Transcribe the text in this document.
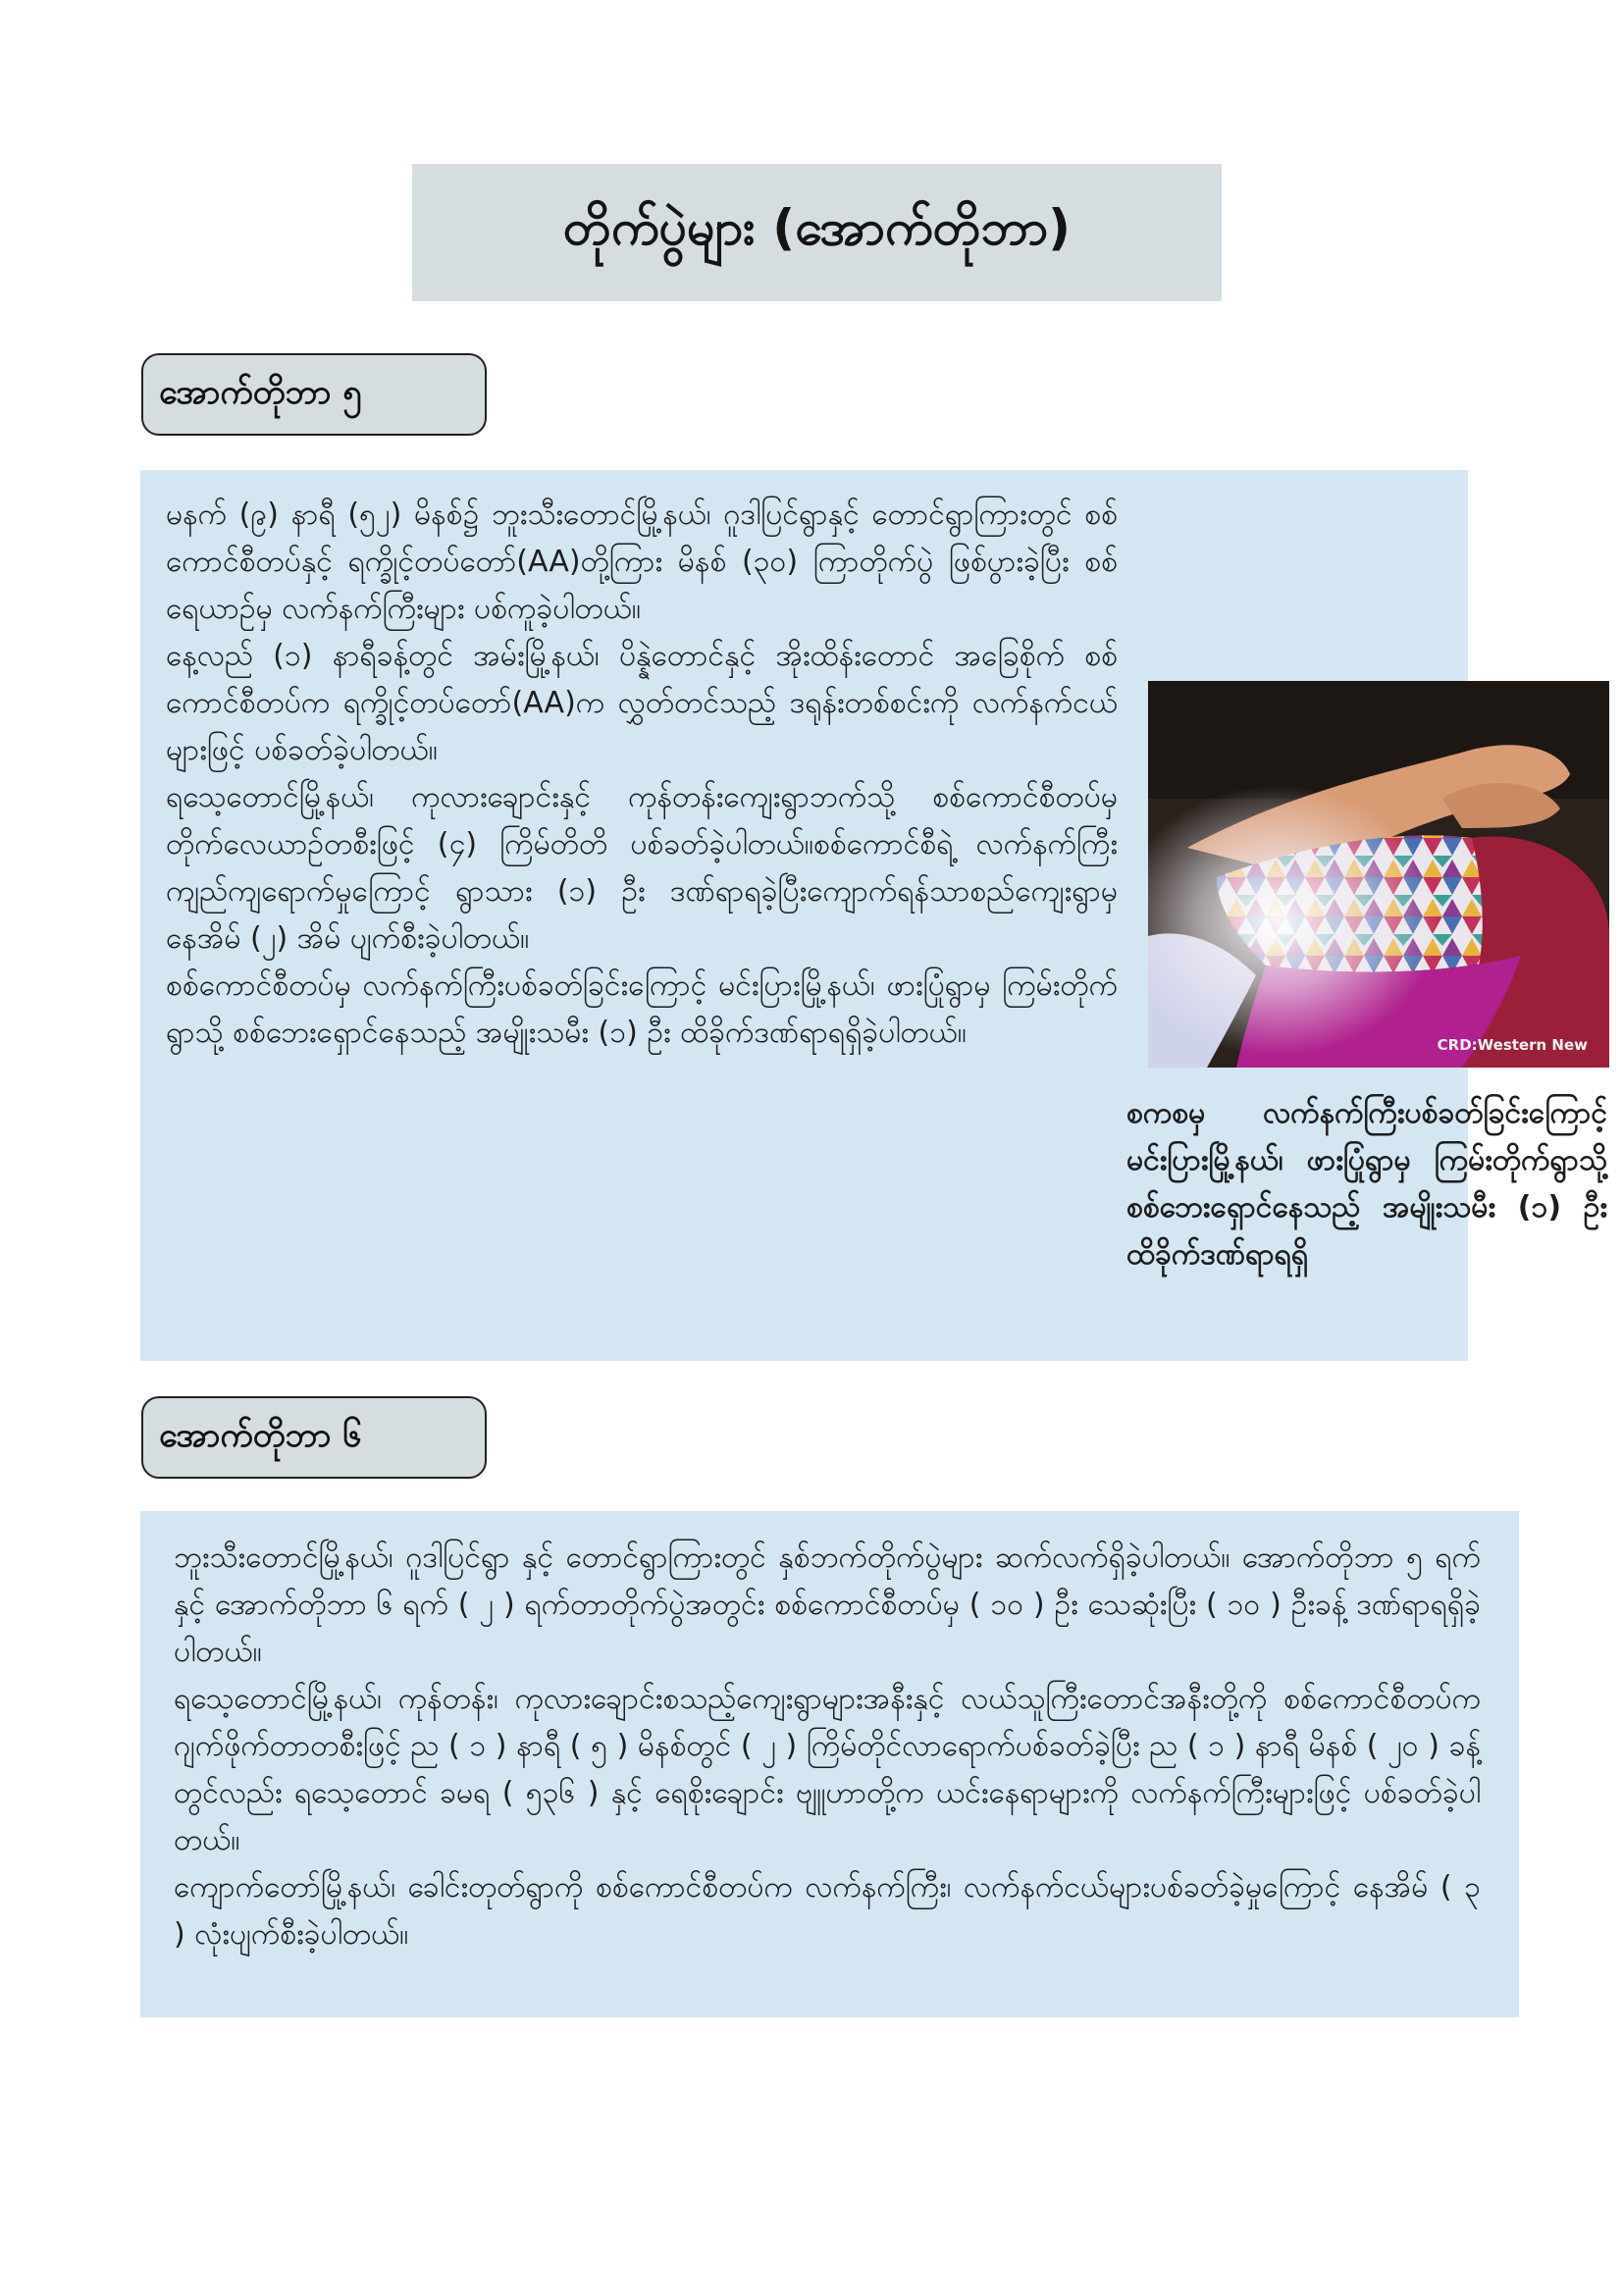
တိုက်ပွဲများ (အောက်တိုဘာ)
အောက်တိုဘာ ၅

မနက် (၉) နာရီ (၅၂) မိနစ်၌ ဘူးသီးတောင်မြို့နယ်၊ ဂူဒါပြင်ရွာနှင့် တောင်ရွာကြားတွင် စစ်ကောင်စီတပ်နှင့် ရက္ခိုင့်တပ်တော်(AA)တို့ကြား မိနစ် (၃၀) ကြာတိုက်ပွဲ ဖြစ်ပွားခဲ့ပြီး စစ်ရေယာဉ်မှ လက်နက်ကြီးများ ပစ်ကူခဲ့ပါတယ်။

နေ့လည် (၁) နာရီခန့်တွင် အမ်းမြို့နယ်၊ ပိန္နဲတောင်နှင့် အိုးထိန်းတောင် အခြေစိုက် စစ်ကောင်စီတပ်က ရက္ခိုင့်တပ်တော်(AA)က လွှတ်တင်သည့် ဒရုန်းတစ်စင်းကို လက်နက်ငယ်များဖြင့် ပစ်ခတ်ခဲ့ပါတယ်။

ရသေ့တောင်မြို့နယ်၊ ကုလားချောင်းနှင့် ကုန်တန်းကျေးရွာဘက်သို့ စစ်ကောင်စီတပ်မှ တိုက်လေယာဉ်တစီးဖြင့် (၄) ကြိမ်တိတိ ပစ်ခတ်ခဲ့ပါတယ်။စစ်ကောင်စီရဲ့ လက်နက်ကြီးကျည်ကျရောက်မှုကြောင့် ရွာသား (၁) ဦး ဒဏ်ရာရခဲ့ပြီးကျောက်ရန်သာစည်ကျေးရွာမှ နေအိမ် (၂) အိမ် ပျက်စီးခဲ့ပါတယ်။

စစ်ကောင်စီတပ်မှ လက်နက်ကြီးပစ်ခတ်ခြင်းကြောင့် မင်းပြားမြို့နယ်၊ ဖားပြုံရွာမှ ကြမ်းတိုက်ရွာသို့ စစ်ဘေးရှောင်နေသည့် အမျိုးသမီး (၁) ဦး ထိခိုက်ဒဏ်ရာရရှိခဲ့ပါတယ်။	CRD:Western New

စကစမှ လက်နက်ကြီးပစ်ခတ်ခြင်းကြောင့် မင်းပြားမြို့နယ်၊ ဖားပြုံရွာမှ ကြမ်းတိုက်ရွာသို့ စစ်ဘေးရှောင်နေသည့် အမျိုးသမီး (၁) ဦး ထိခိုက်ဒဏ်ရာရရှိ

အောက်တိုဘာ ၆

ဘူးသီးတောင်မြို့နယ်၊ ဂူဒါပြင်ရွာ နှင့် တောင်ရွာကြားတွင် နှစ်ဘက်တိုက်ပွဲများ ဆက်လက်ရှိခဲ့ပါတယ်။ အောက်တိုဘာ ၅ ရက်နှင့် အောက်တိုဘာ ၆ ရက် ( ၂ ) ရက်တာတိုက်ပွဲအတွင်း စစ်ကောင်စီတပ်မှ ( ၁၀ ) ဦး သေဆုံးပြီး ( ၁၀ ) ဦးခန့် ဒဏ်ရာရရှိခဲ့ပါတယ်။

ရသေ့တောင်မြို့နယ်၊ ကုန်တန်း၊ ကုလားချောင်းစသည့်ကျေးရွာများအနီးနှင့် လယ်သူကြီးတောင်အနီးတို့ကို စစ်ကောင်စီတပ်က ဂျက်ဖိုက်တာတစီးဖြင့် ည ( ၁ ) နာရီ ( ၅ ) မိနစ်တွင် ( ၂ ) ကြိမ်တိုင်လာရောက်ပစ်ခတ်ခဲ့ပြီး ည ( ၁ ) နာရီ မိနစ် ( ၂၀ ) ခန့်တွင်လည်း ရသေ့တောင် ခမရ ( ၅၃၆ ) နှင့် ရေစိုးချောင်း ဗျူဟာတို့က ယင်းနေရာများကို လက်နက်ကြီးများဖြင့် ပစ်ခတ်ခဲ့ပါတယ်။

ကျောက်တော်မြို့နယ်၊ ခေါင်းတုတ်ရွာကို စစ်ကောင်စီတပ်က လက်နက်ကြီး၊ လက်နက်ငယ်များပစ်ခတ်ခဲ့မှုကြောင့် နေအိမ် ( ၃ ) လုံးပျက်စီးခဲ့ပါတယ်။
